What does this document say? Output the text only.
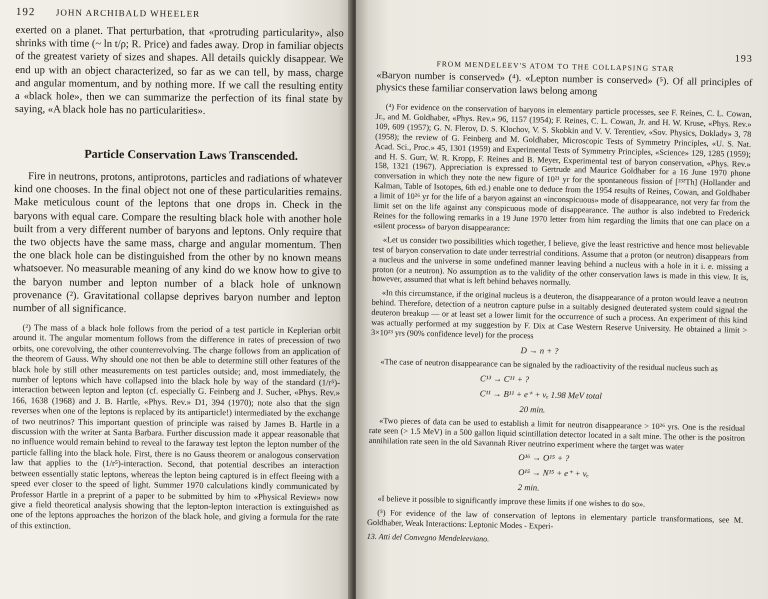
192 JOHN ARCHIBALD WHEELER

exerted on a planet. That perturbation, that «protruding particularity», also shrinks with time (~ ln t/ρ; R. Price) and fades away. Drop in familiar objects of the greatest variety of sizes and shapes. All details quickly disappear. We end up with an object characterized, so far as we can tell, by mass, charge and angular momentum, and by nothing more. If we call the resulting entity a «black hole», then we can summarize the perfection of its final state by saying, «A black hole has no particularities».

Particle Conservation Laws Transcended.

Fire in neutrons, protons, antiprotons, particles and radiations of whatever kind one chooses. In the final object not one of these particularities remains. Make meticulous count of the leptons that one drops in. Check in the baryons with equal care. Compare the resulting black hole with another hole built from a very different number of baryons and leptons. Only require that the two objects have the same mass, charge and angular momentum. Then the one black hole can be distinguished from the other by no known means whatsoever. No measurable meaning of any kind do we know how to give to the baryon number and lepton number of a black hole of unknown provenance (²). Gravitational collapse deprives baryon number and lepton number of all significance.

(²) The mass of a black hole follows from the period of a test particle in Keplerian orbit around it. The angular momentum follows from the difference in rates of precession of two orbits, one corevolving, the other counterrevolving. The charge follows from an application of the theorem of Gauss. Why should one not then be able to determine still other features of the black hole by still other measurements on test particles outside; and, most immediately, the number of leptons which have collapsed into the black hole by way of the standard (1/r⁵)-interaction between lepton and lepton (cf. especially G. Feinberg and J. Sucher, «Phys. Rev.» 166, 1638 (1968) and J. B. Hartle, «Phys. Rev.» D1, 394 (1970); note also that the sign reverses when one of the leptons is replaced by its antiparticle!) intermediated by the exchange of two neutrinos? This important question of principle was raised by James B. Hartle in a discussion with the writer at Santa Barbara. Further discussion made it appear reasonable that no influence would remain behind to reveal to the faraway test lepton the lepton number of the particle falling into the black hole. First, there is no Gauss theorem or analogous conservation law that applies to the (1/r⁵)-interaction. Second, that potential describes an interaction between essentially static leptons, whereas the lepton being captured is in effect fleeing with a speed ever closer to the speed of light. Summer 1970 calculations kindly communicated by Professor Hartle in a preprint of a paper to be submitted by him to «Physical Review» now give a field theoretical analysis showing that the lepton-lepton interaction is extinguished as one of the leptons approaches the horizon of the black hole, and giving a formula for the rate of this extinction.

FROM MENDELEEV'S ATOM TO THE COLLAPSING STAR
193

«Baryon number is conserved» (⁴). «Lepton number is conserved» (⁵). Of all principles of physics these familiar conservation laws belong among

(⁴) For evidence on the conservation of baryons in elementary particle processes, see F. Reines, C. L. Cowan, Jr., and M. Goldhaber, «Phys. Rev.» 96, 1157 (1954); F. Reines, C. L. Cowan, Jr. and H. W. Kruse, «Phys. Rev.» 109, 609 (1957); G. N. Flerov, D. S. Klochov, V. S. Skobkin and V. V. Terentiev, «Sov. Physics, Doklady» 3, 78 (1958); the review of G. Feinberg and M. Goldhaber, Microscopic Tests of Symmetry Principles, «U. S. Nat. Acad. Sci., Proc.» 45, 1301 (1959) and Experimental Tests of Symmetry Principles, «Science» 129, 1285 (1959); and H. S. Gurr, W. R. Kropp, F. Reines and B. Meyer, Experimental test of baryon conservation, «Phys. Rev.» 158, 1321 (1967). Appreciation is expressed to Gertrude and Maurice Goldhaber for a 16 June 1970 phone conversation in which they note the new figure of 10²¹ yr for the spontaneous fission of [²³²Th] (Hollander and Kalman, Table of Isotopes, 6th ed.) enable one to deduce from the 1954 results of Reines, Cowan, and Goldhaber a limit of 10²⁶ yr for the life of a baryon against an «inconspicuous» mode of disappearance, not very far from the limit set on the life against any conspicuous mode of disappearance. The author is also indebted to Frederick Reines for the following remarks in a 19 June 1970 letter from him regarding the limits that one can place on a «silent process» of baryon disappearance:

«Let us consider two possibilities which together, I believe, give the least restrictive and hence most believable test of baryon conservation to date under terrestrial conditions. Assume that a proton (or neutron) disappears from a nucleus and the universe in some undefined manner leaving behind a nucleus with a hole in it i. e. missing a proton (or a neutron). No assumption as to the validity of the other conservation laws is made in this view. It is, however, assumed that what is left behind behaves normally.

«In this circumstance, if the original nucleus is a deuteron, the disappearance of a proton would leave a neutron behind. Therefore, detection of a neutron capture pulse in a suitably designed deuterated system could signal the deuteron breakup — or at least set a lower limit for the occurrence of such a process. An experiment of this kind was actually performed at my suggestion by F. Dix at Case Western Reserve University. He obtained a limit > 3×10²³ yrs (90% confidence level) for the process

D → n + ?

«The case of neutron disappearance can be signaled by the radioactivity of the residual nucleus such as

C¹³ → C¹¹ + ?

C¹¹ → B¹¹ + e⁺ + νₑ 1.98 MeV total

20 min.

«Two pieces of data can be used to establish a limit for neutron disappearance > 10²⁶ yrs. One is the residual rate seen (> 1.5 MeV) in a 500 gallon liquid scintillation detector located in a salt mine. The other is the positron annihilation rate seen in the old Savannah River neutrino experiment where the target was water

O¹⁶ → O¹⁵ + ?

O¹⁵ → N¹⁵ + e⁺ + νₑ

2 min.

«I believe it possible to significantly improve these limits if one wishes to do so».

(⁵) For evidence of the law of conservation of leptons in elementary particle transformations, see M. Goldhaber, Weak Interactions: Leptonic Modes - Experi-

13. Atti del Convegno Mendeleeviano.
